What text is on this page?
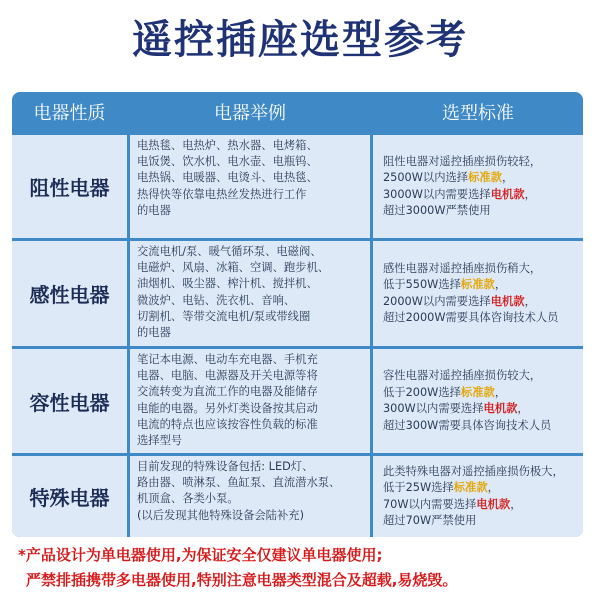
遥控插座选型参考
电器性质	电器举例	选型标准
阻性电器
电热毯、电热炉、热水器、电烤箱、
电饭煲、饮水机、电水壶、电瓶钨、
电热锅、电暖器、电烫斗、电热毯、
热得快等依靠电热丝发热进行工作
的电器
阻性电器对遥控插座损伤较轻，
2500W以内选择标准款，
3000W以内需要选择电机款，
超过3000W严禁使用
感性电器
交流电机/泵、暖气循环泵、电磁阀、
电磁炉、风扇、冰箱、空调、跑步机、
油烟机、吸尘器、榨汁机、搅拌机、
微波炉、电钻、洗衣机、音响、
切割机、等带交流电机/泵或带线圈
的电器
感性电器对遥控插座损伤稍大，
低于550W选择标准款，
2000W以内需要选择电机款，
超过2000W需要具体咨询技术人员
容性电器
笔记本电源、电动车充电器、手机充
电器、电脑、电源器及开关电源等将
交流转变为直流工作的电器及能储存
电能的电器。另外灯类设备按其启动
电流的特点也应该按容性负载的标准
选择型号
容性电器对遥控插座损伤较大，
低于200W选择标准款，
300W以内需要选择电机款，
超过300W需要具体咨询技术人员
特殊电器
目前发现的特殊设备包括: LED灯、
路由器、喷淋泵、鱼缸泵、直流潜水泵、
机顶盒、各类小泵。
(以后发现其他特殊设备会陆补充)
此类特殊电器对遥控插座损伤极大，
低于25W选择标准款，
70W以内需要选择电机款，
超过70W严禁使用
*产品设计为单电器使用,为保证安全仅建议单电器使用;
严禁排插携带多电器使用,特别注意电器类型混合及超载,易烧毁。
